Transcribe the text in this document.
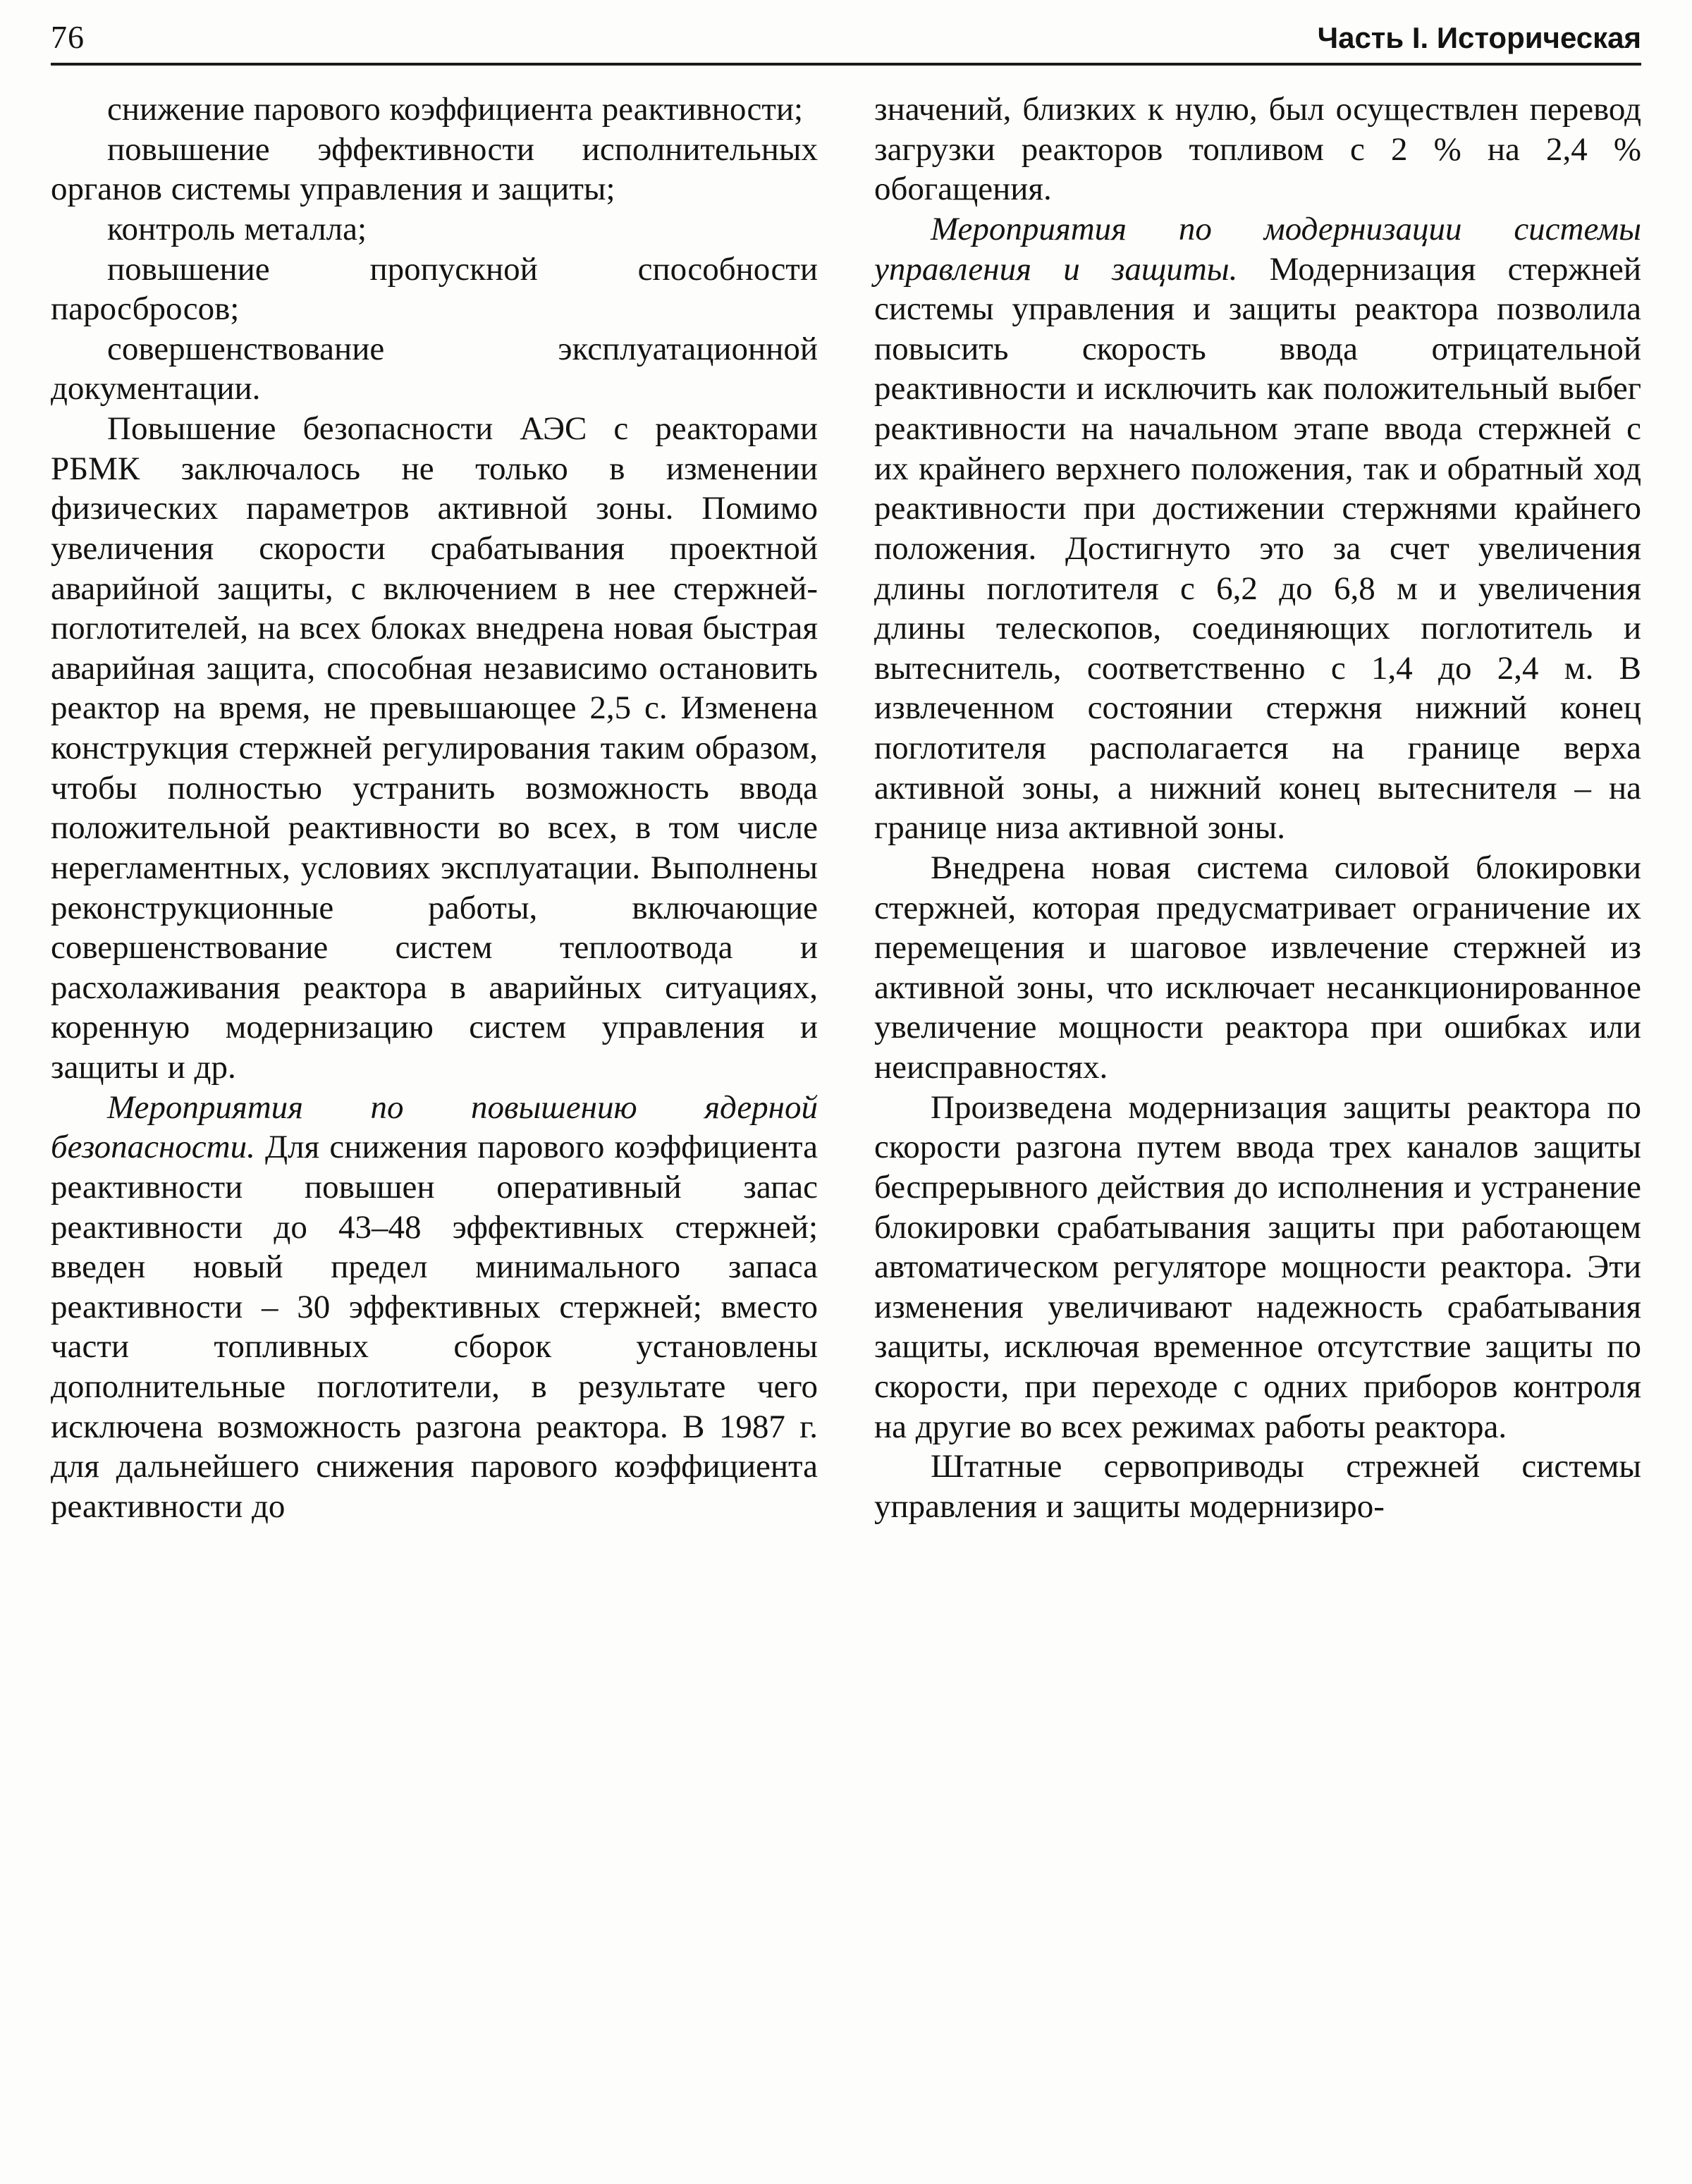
76	Часть I. Историческая

снижение парового коэффициента реактивности;

повышение эффективности исполнительных органов системы управления и защиты;

контроль металла;

повышение пропускной способности паросбросов;

совершенствование эксплуатационной документации.

Повышение безопасности АЭС с реакторами РБМК заключалось не только в изменении физических параметров активной зоны. Помимо увеличения скорости срабатывания проектной аварийной защиты, с включением в нее стержней-поглотителей, на всех блоках внедрена новая быстрая аварийная защита, способная независимо остановить реактор на время, не превышающее 2,5 с. Изменена конструкция стержней регулирования таким образом, чтобы полностью устранить возможность ввода положительной реактивности во всех, в том числе нерегламентных, условиях эксплуатации. Выполнены реконструкционные работы, включающие совершенствование систем теплоотвода и расхолаживания реактора в аварийных ситуациях, коренную модернизацию систем управления и защиты и др.

Мероприятия по повышению ядерной безопасности. Для снижения парового коэффициента реактивности повышен оперативный запас реактивности до 43–48 эффективных стержней; введен новый предел минимального запаса реактивности – 30 эффективных стержней; вместо части топливных сборок установлены дополнительные поглотители, в результате чего исключена возможность разгона реактора. В 1987 г. для дальнейшего снижения парового коэффициента реактивности до

значений, близких к нулю, был осуществлен перевод загрузки реакторов топливом с 2 % на 2,4 % обогащения.

Мероприятия по модернизации системы управления и защиты. Модернизация стержней системы управления и защиты реактора позволила повысить скорость ввода отрицательной реактивности и исключить как положительный выбег реактивности на начальном этапе ввода стержней с их крайнего верхнего положения, так и обратный ход реактивности при достижении стержнями крайнего положения. Достигнуто это за счет увеличения длины поглотителя с 6,2 до 6,8 м и увеличения длины телескопов, соединяющих поглотитель и вытеснитель, соответственно с 1,4 до 2,4 м. В извлеченном состоянии стержня нижний конец поглотителя располагается на границе верха активной зоны, а нижний конец вытеснителя – на границе низа активной зоны.

Внедрена новая система силовой блокировки стержней, которая предусматривает ограничение их перемещения и шаговое извлечение стержней из активной зоны, что исключает несанкционированное увеличение мощности реактора при ошибках или неисправностях.

Произведена модернизация защиты реактора по скорости разгона путем ввода трех каналов защиты беспрерывного действия до исполнения и устранение блокировки срабатывания защиты при работающем автоматическом регуляторе мощности реактора. Эти изменения увеличивают надежность срабатывания защиты, исключая временное отсутствие защиты по скорости, при переходе с одних приборов контроля на другие во всех режимах работы реактора.

Штатные сервоприводы стрежней системы управления и защиты модернизиро-
